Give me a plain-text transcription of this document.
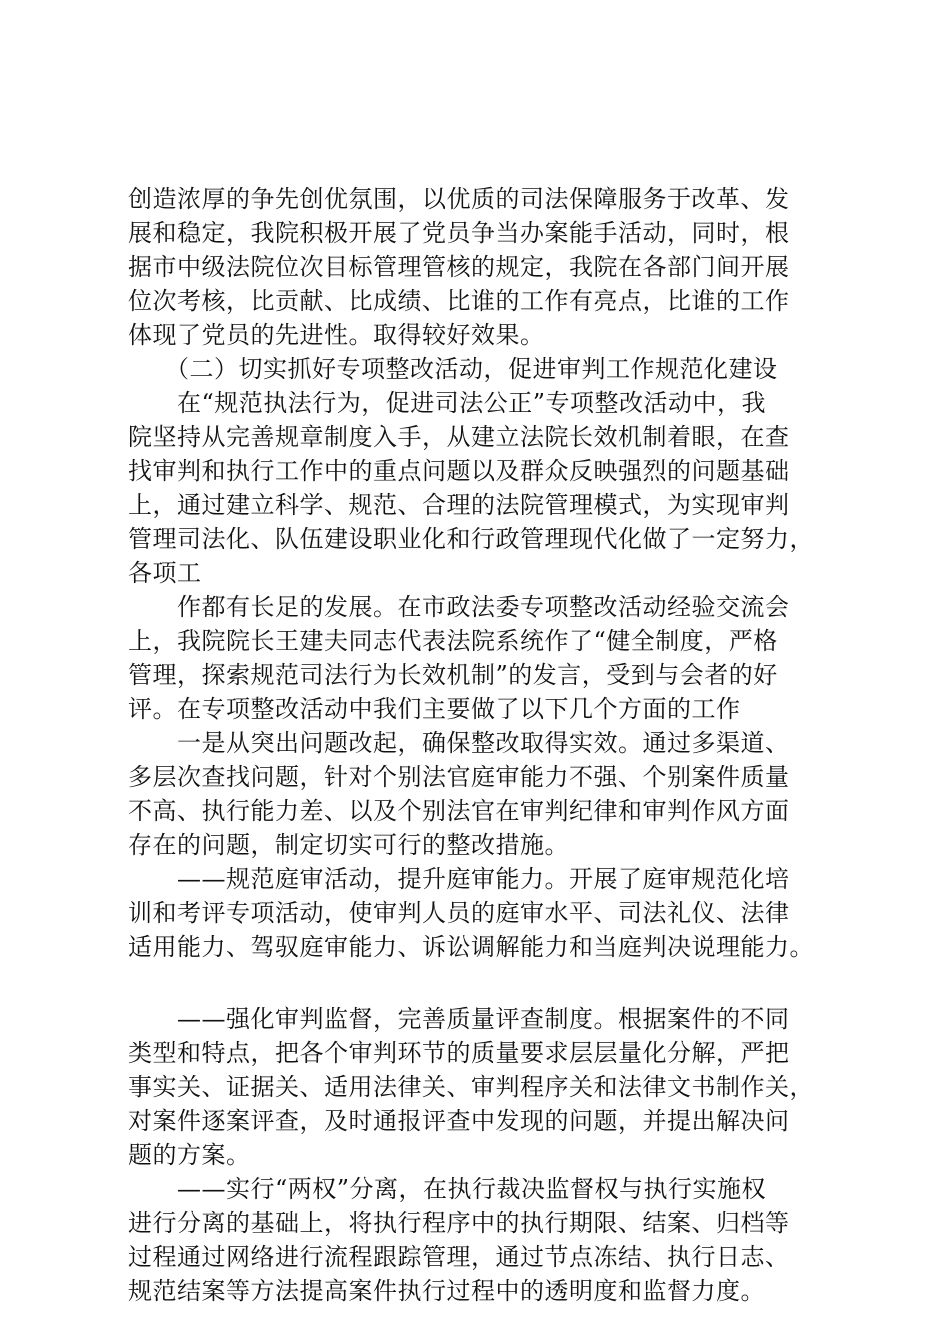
创造浓厚的争先创优氛围，以优质的司法保障服务于改革、发
展和稳定，我院积极开展了党员争当办案能手活动，同时，根
据市中级法院位次目标管理管核的规定，我院在各部门间开展
位次考核，比贡献、比成绩、比谁的工作有亮点，比谁的工作
体现了党员的先进性。取得较好效果。
　　（二）切实抓好专项整改活动，促进审判工作规范化建设
　　在“规范执法行为，促进司法公正”专项整改活动中，我
院坚持从完善规章制度入手，从建立法院长效机制着眼，在查
找审判和执行工作中的重点问题以及群众反映强烈的问题基础
上，通过建立科学、规范、合理的法院管理模式，为实现审判
管理司法化、队伍建设职业化和行政管理现代化做了一定努力，
各项工
　　作都有长足的发展。在市政法委专项整改活动经验交流会
上，我院院长王建夫同志代表法院系统作了“健全制度，严格
管理，探索规范司法行为长效机制”的发言，受到与会者的好
评。在专项整改活动中我们主要做了以下几个方面的工作
　　一是从突出问题改起，确保整改取得实效。通过多渠道、
多层次查找问题，针对个别法官庭审能力不强、个别案件质量
不高、执行能力差、以及个别法官在审判纪律和审判作风方面
存在的问题，制定切实可行的整改措施。
　　——规范庭审活动，提升庭审能力。开展了庭审规范化培
训和考评专项活动，使审判人员的庭审水平、司法礼仪、法律
适用能力、驾驭庭审能力、诉讼调解能力和当庭判决说理能力。
　　——强化审判监督，完善质量评查制度。根据案件的不同
类型和特点，把各个审判环节的质量要求层层量化分解，严把
事实关、证据关、适用法律关、审判程序关和法律文书制作关，
对案件逐案评查，及时通报评查中发现的问题，并提出解决问
题的方案。
　　——实行“两权”分离，在执行裁决监督权与执行实施权
进行分离的基础上，将执行程序中的执行期限、结案、归档等
过程通过网络进行流程跟踪管理，通过节点冻结、执行日志、
规范结案等方法提高案件执行过程中的透明度和监督力度。
